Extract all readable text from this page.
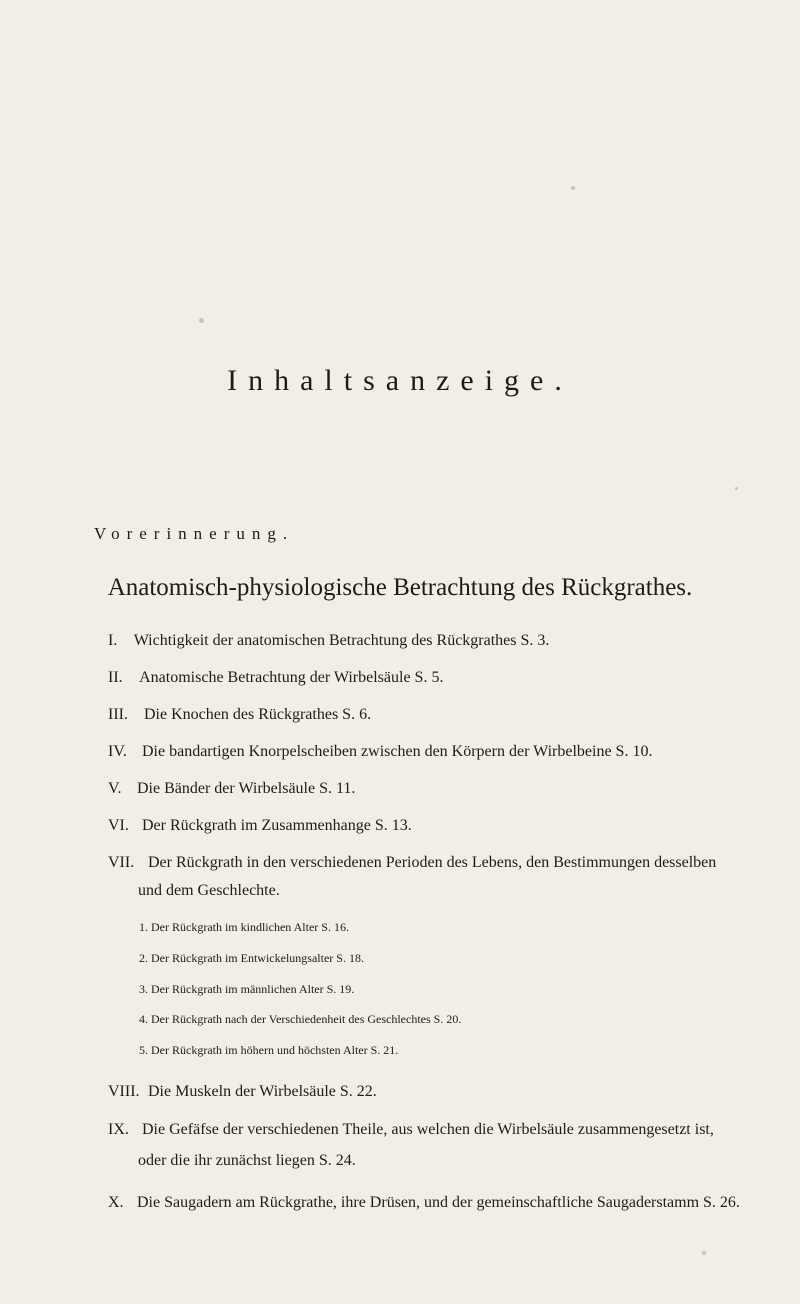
Inhaltsanzeige.
Vorerinnerung.
Anatomisch-physiologische Betrachtung des Rückgrathes.
I. Wichtigkeit der anatomischen Betrachtung des Rückgrathes S. 3.
II. Anatomische Betrachtung der Wirbelsäule S. 5.
III. Die Knochen des Rückgrathes S. 6.
IV. Die bandartigen Knorpelscheiben zwischen den Körpern der Wirbelbeine S. 10.
V. Die Bänder der Wirbelsäule S. 11.
VI. Der Rückgrath im Zusammenhange S. 13.
VII. Der Rückgrath in den verschiedenen Perioden des Lebens, den Bestimmungen desselben
und dem Geschlechte.
1. Der Rückgrath im kindlichen Alter S. 16.
2. Der Rückgrath im Entwickelungsalter S. 18.
3. Der Rückgrath im männlichen Alter S. 19.
4. Der Rückgrath nach der Verschiedenheit des Geschlechtes S. 20.
5. Der Rückgrath im höhern und höchsten Alter S. 21.
VIII. Die Muskeln der Wirbelsäule S. 22.
IX. Die Gefäfse der verschiedenen Theile, aus welchen die Wirbelsäule zusammengesetzt ist,
oder die ihr zunächst liegen S. 24.
X. Die Saugadern am Rückgrathe, ihre Drüsen, und der gemeinschaftliche Saugaderstamm S. 26.
